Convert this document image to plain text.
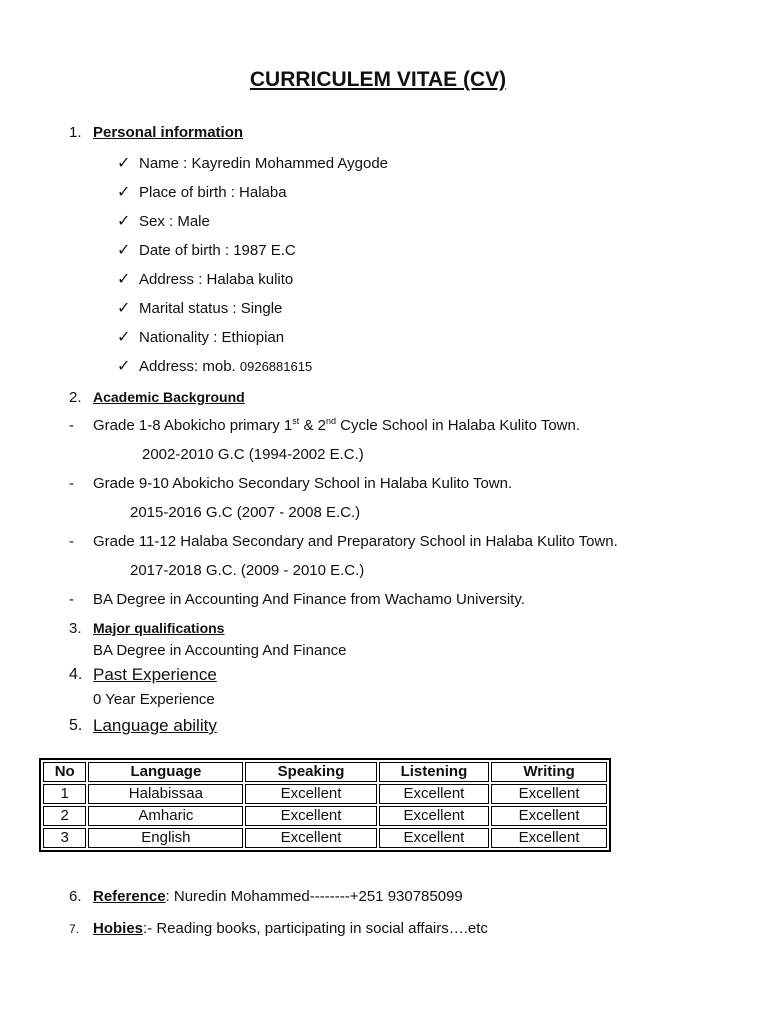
CURRICULEM VITAE (CV)
1. Personal information
✓ Name : Kayredin Mohammed Aygode
✓ Place of birth : Halaba
✓ Sex : Male
✓ Date of birth : 1987 E.C
✓ Address : Halaba kulito
✓ Marital status : Single
✓ Nationality : Ethiopian
✓ Address: mob. 0926881615
2. Academic Background
- Grade 1-8 Abokicho primary 1st & 2nd Cycle School in Halaba Kulito Town.
2002-2010 G.C (1994-2002 E.C.)
- Grade 9-10 Abokicho Secondary School in Halaba Kulito Town.
2015-2016 G.C (2007 - 2008 E.C.)
- Grade 11-12 Halaba Secondary and Preparatory School in Halaba Kulito Town.
2017-2018 G.C. (2009 - 2010 E.C.)
- BA Degree in Accounting And Finance from Wachamo University.
3. Major qualifications
BA Degree in Accounting And Finance
4. Past Experience
0 Year Experience
5. Language ability
No	Language	Speaking	Listening	Writing
1	Halabissaa	Excellent	Excellent	Excellent
2	Amharic	Excellent	Excellent	Excellent
3	English	Excellent	Excellent	Excellent
6. Reference: Nuredin Mohammed--------+251 930785099
7. Hobies:- Reading books, participating in social affairs….etc
